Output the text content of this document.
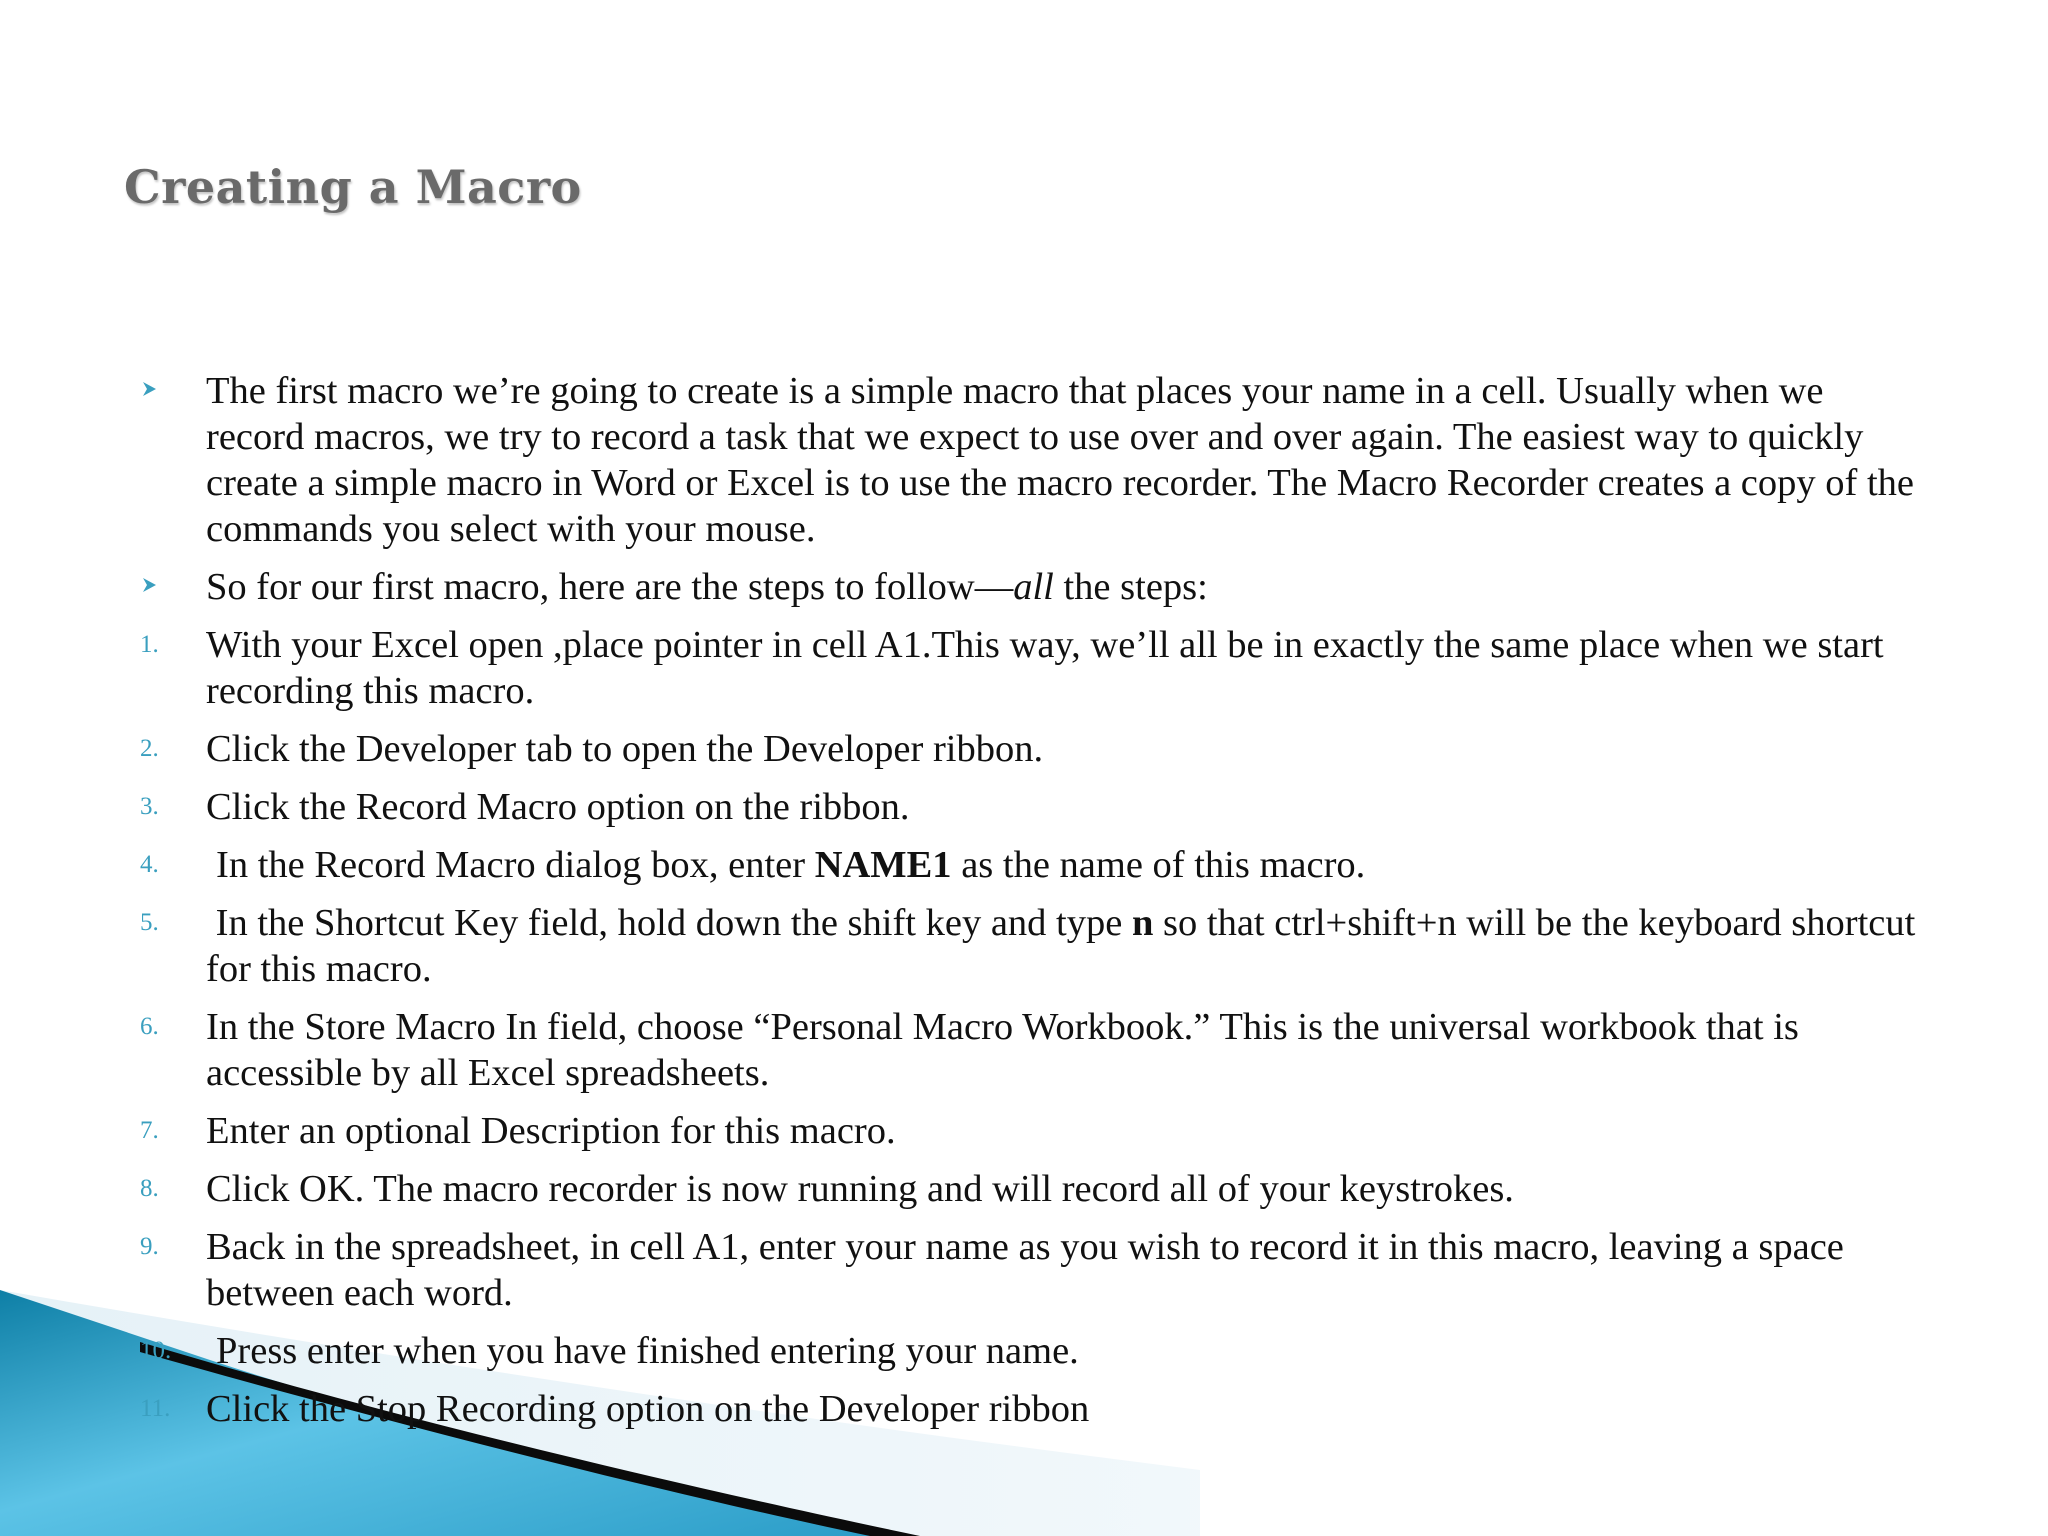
Creating a Macro
The first macro we’re going to create is a simple macro that places your name in a cell. Usually when we record macros, we try to record a task that we expect to use over and over again. The easiest way to quickly create a simple macro in Word or Excel is to use the macro recorder. The Macro Recorder creates a copy of the commands you select with your mouse.
So for our first macro, here are the steps to follow—all the steps:
1.	With your Excel open ,place pointer in cell A1.This way, we’ll all be in exactly the same place when we start recording this macro.
2.	Click the Developer tab to open the Developer ribbon.
3.	Click the Record Macro option on the ribbon.
4.	In the Record Macro dialog box, enter NAME1 as the name of this macro.
5.	In the Shortcut Key field, hold down the shift key and type n so that ctrl+shift+n will be the keyboard shortcut for this macro.
6.	In the Store Macro In field, choose “Personal Macro Workbook.” This is the universal workbook that is accessible by all Excel spreadsheets.
7.	Enter an optional Description for this macro.
8.	Click OK. The macro recorder is now running and will record all of your keystrokes.
9.	Back in the spreadsheet, in cell A1, enter your name as you wish to record it in this macro, leaving a space between each word.
10.	Press enter when you have finished entering your name.
11. Click the Stop Recording option on the Developer ribbon
